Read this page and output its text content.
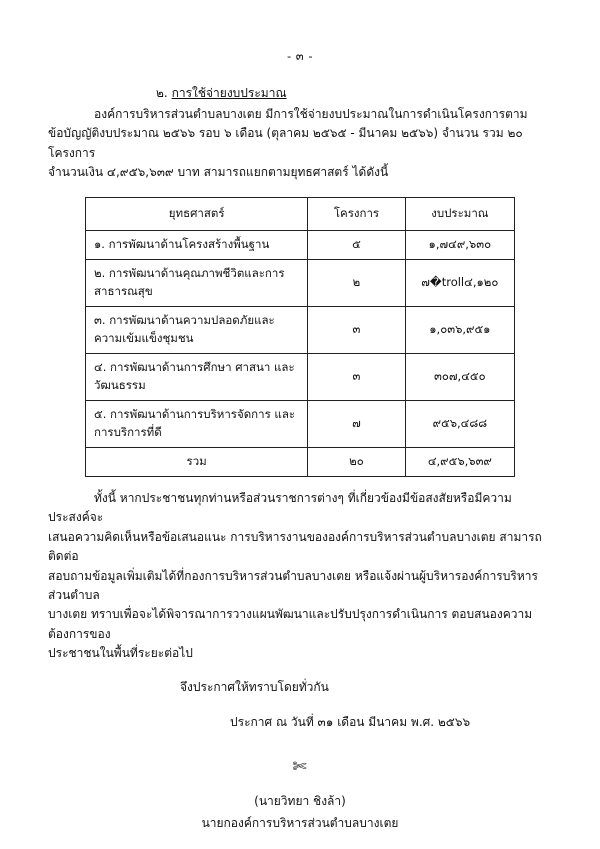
- ๓ -
๒. การใช้จ่ายงบประมาณ

องค์การบริหารส่วนตำบลบางเตย มีการใช้จ่ายงบประมาณในการดำเนินโครงการตาม

ข้อบัญญัติงบประมาณ ๒๕๖๖ รอบ ๖ เดือน (ตุลาคม ๒๕๖๕ - มีนาคม ๒๕๖๖) จำนวน รวม ๒๐ โครงการ

จำนวนเงิน ๔,๙๕๖,๖๓๙ บาท สามารถแยกตามยุทธศาสตร์ ได้ดังนี้

ยุทธศาสตร์	โครงการ	งบประมาณ
๑. การพัฒนาด้านโครงสร้างพื้นฐาน	๕	๑,๗๔๙,๖๓๐
๒. การพัฒนาด้านคุณภาพชีวิตและการสาธารณสุข	๒	๗�troll๔,๑๒๐
๓. การพัฒนาด้านความปลอดภัยและความเข้มแข็งชุมชน	๓	๑,๐๓๖,๙๕๑
๔. การพัฒนาด้านการศึกษา ศาสนา และวัฒนธรรม	๓	๓๐๗,๔๕๐
๕. การพัฒนาด้านการบริหารจัดการ และการบริการที่ดี	๗	๙๕๖,๔๘๘
รวม	๒๐	๔,๙๕๖,๖๓๙

ทั้งนี้ หากประชาชนทุกท่านหรือส่วนราชการต่างๆ ที่เกี่ยวข้องมีข้อสงสัยหรือมีความประสงค์จะ

เสนอความคิดเห็นหรือข้อเสนอแนะ การบริหารงานขององค์การบริหารส่วนตำบลบางเตย สามารถติดต่อ

สอบถามข้อมูลเพิ่มเติมได้ที่กองการบริหารส่วนตำบลบางเตย หรือแจ้งผ่านผู้บริหารองค์การบริหารส่วนตำบล

บางเตย ทราบเพื่อจะได้พิจารณาการวางแผนพัฒนาและปรับปรุงการดำเนินการ ตอบสนองความต้องการของ

ประชาชนในพื้นที่ระยะต่อไป

จึงประกาศให้ทราบโดยทั่วกัน
ประกาศ ณ วันที่ ๓๑ เดือน มีนาคม พ.ศ. ๒๕๖๖
✄
(นายวิทยา ชิงล้า)
นายกองค์การบริหารส่วนตำบลบางเตย
